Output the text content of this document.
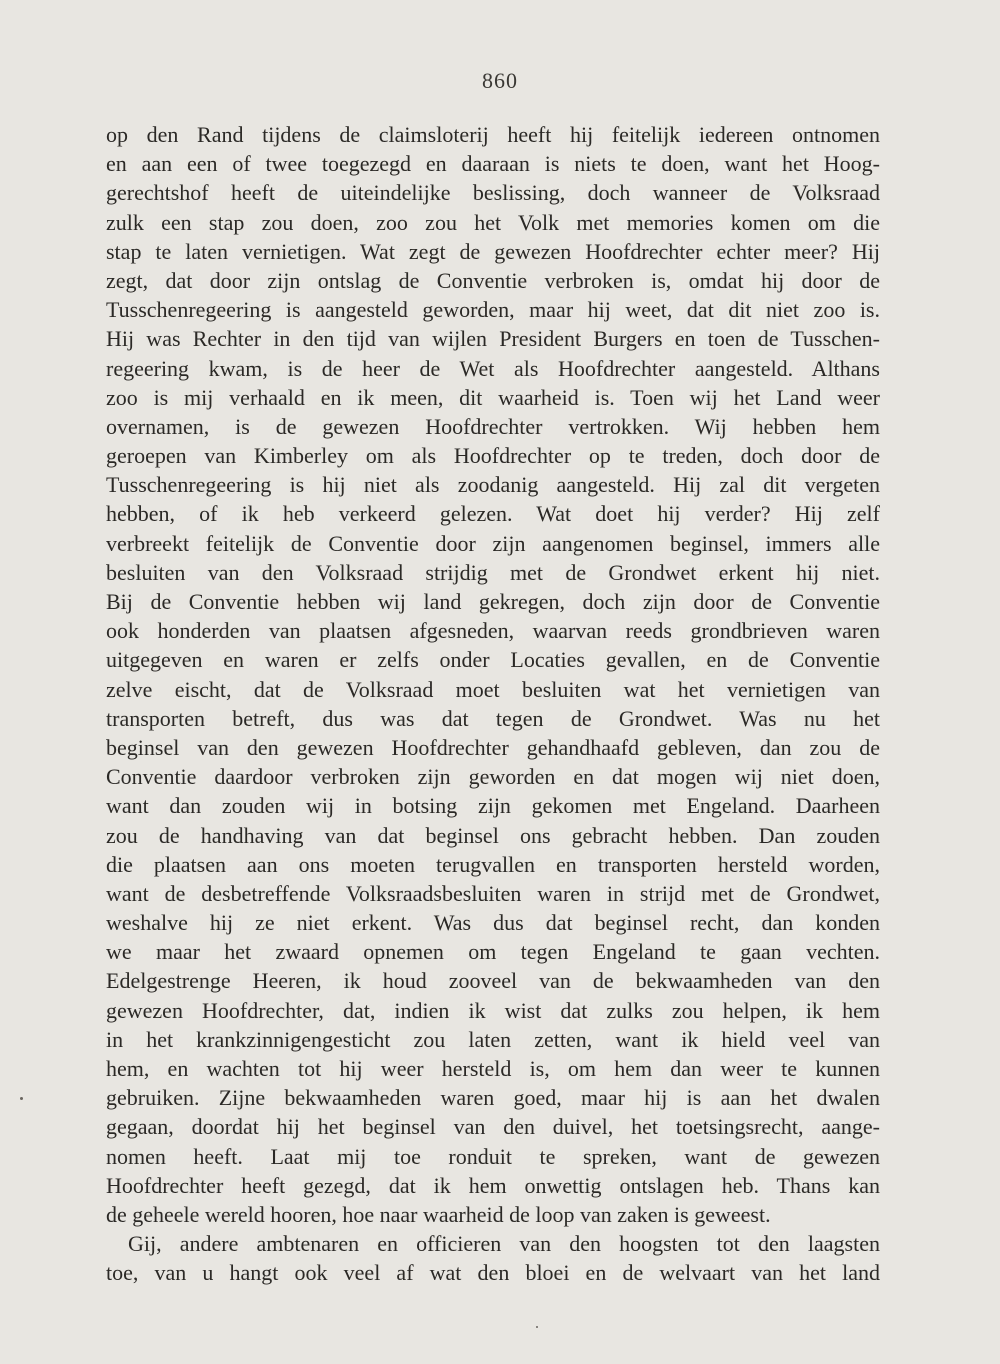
860
op den Rand tijdens de claimsloterij heeft hij feitelijk iedereen ontnomen
en aan een of twee toegezegd en daaraan is niets te doen, want het Hoog-
gerechtshof heeft de uiteindelijke beslissing, doch wanneer de Volksraad
zulk een stap zou doen, zoo zou het Volk met memories komen om die
stap te laten vernietigen. Wat zegt de gewezen Hoofdrechter echter meer? Hij
zegt, dat door zijn ontslag de Conventie verbroken is, omdat hij door de
Tusschenregeering is aangesteld geworden, maar hij weet, dat dit niet zoo is.
Hij was Rechter in den tijd van wijlen President Burgers en toen de Tusschen-
regeering kwam, is de heer de Wet als Hoofdrechter aangesteld. Althans
zoo is mij verhaald en ik meen, dit waarheid is. Toen wij het Land weer
overnamen, is de gewezen Hoofdrechter vertrokken. Wij hebben hem
geroepen van Kimberley om als Hoofdrechter op te treden, doch door de
Tusschenregeering is hij niet als zoodanig aangesteld. Hij zal dit vergeten
hebben, of ik heb verkeerd gelezen. Wat doet hij verder? Hij zelf
verbreekt feitelijk de Conventie door zijn aangenomen beginsel, immers alle
besluiten van den Volksraad strijdig met de Grondwet erkent hij niet.
Bij de Conventie hebben wij land gekregen, doch zijn door de Conventie
ook honderden van plaatsen afgesneden, waarvan reeds grondbrieven waren
uitgegeven en waren er zelfs onder Locaties gevallen, en de Conventie
zelve eischt, dat de Volksraad moet besluiten wat het vernietigen van
transporten betreft, dus was dat tegen de Grondwet. Was nu het
beginsel van den gewezen Hoofdrechter gehandhaafd gebleven, dan zou de
Conventie daardoor verbroken zijn geworden en dat mogen wij niet doen,
want dan zouden wij in botsing zijn gekomen met Engeland. Daarheen
zou de handhaving van dat beginsel ons gebracht hebben. Dan zouden
die plaatsen aan ons moeten terugvallen en transporten hersteld worden,
want de desbetreffende Volksraadsbesluiten waren in strijd met de Grondwet,
weshalve hij ze niet erkent. Was dus dat beginsel recht, dan konden
we maar het zwaard opnemen om tegen Engeland te gaan vechten.
Edelgestrenge Heeren, ik houd zooveel van de bekwaamheden van den
gewezen Hoofdrechter, dat, indien ik wist dat zulks zou helpen, ik hem
in het krankzinnigengesticht zou laten zetten, want ik hield veel van
hem, en wachten tot hij weer hersteld is, om hem dan weer te kunnen
gebruiken. Zijne bekwaamheden waren goed, maar hij is aan het dwalen
gegaan, doordat hij het beginsel van den duivel, het toetsingsrecht, aange-
nomen heeft. Laat mij toe ronduit te spreken, want de gewezen
Hoofdrechter heeft gezegd, dat ik hem onwettig ontslagen heb. Thans kan
de geheele wereld hooren, hoe naar waarheid de loop van zaken is geweest.
Gij, andere ambtenaren en officieren van den hoogsten tot den laagsten
toe, van u hangt ook veel af wat den bloei en de welvaart van het land
